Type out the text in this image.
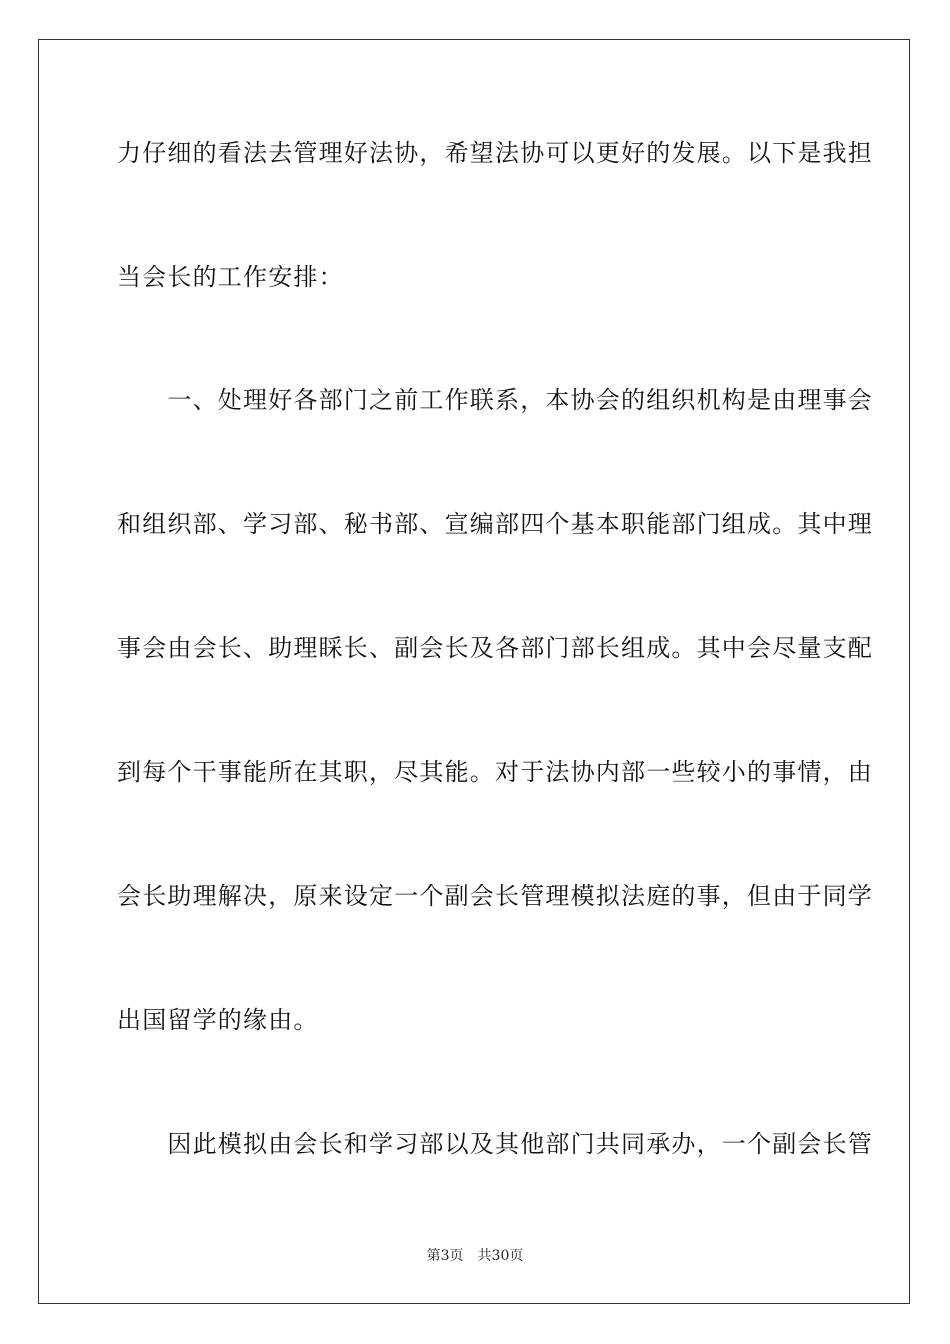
力仔细的看法去管理好法协，希望法协可以更好的发展。以下是我担
当会长的工作安排：
　　一、处理好各部门之前工作联系，本协会的组织机构是由理事会
和组织部、学习部、秘书部、宣编部四个基本职能部门组成。其中理
事会由会长、助理睬长、副会长及各部门部长组成。其中会尽量支配
到每个干事能所在其职，尽其能。对于法协内部一些较小的事情，由
会长助理解决，原来设定一个副会长管理模拟法庭的事，但由于同学
出国留学的缘由。
　　因此模拟由会长和学习部以及其他部门共同承办，一个副会长管
第3页 共30页
